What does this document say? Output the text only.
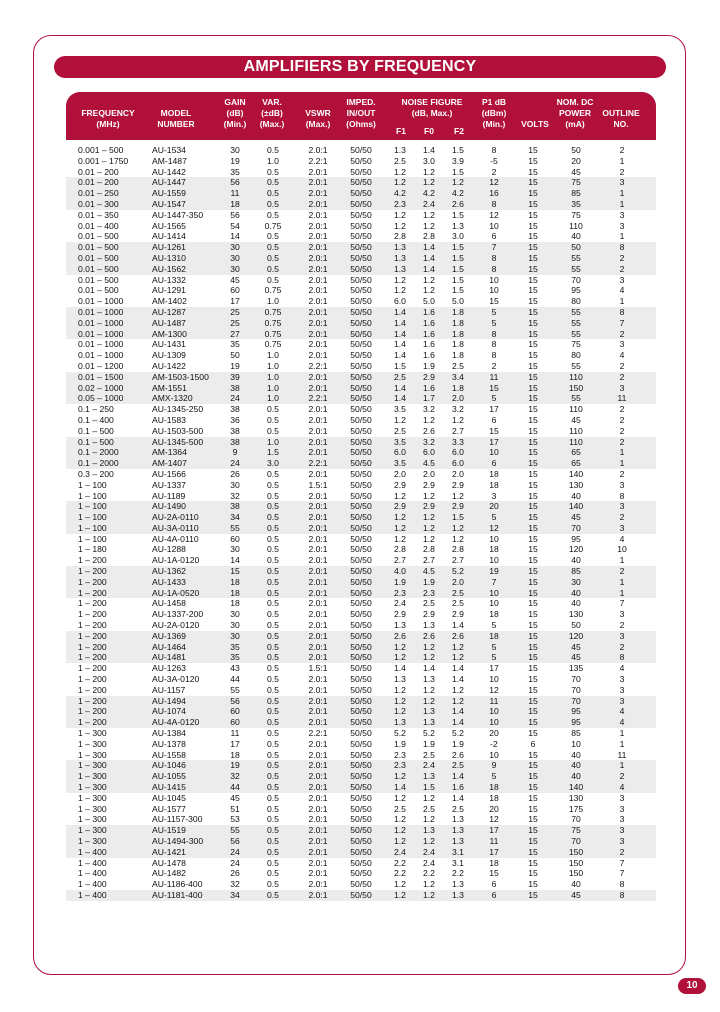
AMPLIFIERS BY FREQUENCY
FREQUENCY
(MHz)
MODEL
NUMBER
GAIN
(dB)
(Min.)
VAR.
(±dB)
(Max.)
VSWR
(Max.)
IMPED.
IN/OUT
(Ohms)
NOISE FIGURE
(dB, Max.)
F1 F0 F2
P1 dB
(dBm)
(Min.)	VOLTS
NOM. DC
POWER
(mA)
OUTLINE
NO.
0.001 – 500	AU-1534	30	0.5	2.0:1	50/50	1.3	1.4	1.5	8	15	50	2
0.001 – 1750	AM-1487	19	1.0	2.2:1	50/50	2.5	3.0	3.9	-5	15	20	1
0.01 – 200	AU-1442	35	0.5	2.0:1	50/50	1.2	1.2	1.5	2	15	45	2
0.01 – 200	AU-1447	56	0.5	2.0:1	50/50	1.2	1.2	1.2	12	15	75	3
0.01 – 250	AU-1559	11	0.5	2.0:1	50/50	4.2	4.2	4.2	16	15	85	1
0.01 – 300	AU-1547	18	0.5	2.0:1	50/50	2.3	2.4	2.6	8	15	35	1
0.01 – 350	AU-1447-350	56	0.5	2.0:1	50/50	1.2	1.2	1.5	12	15	75	3
0.01 – 400	AU-1565	54	0.75	2.0:1	50/50	1.2	1.2	1.3	10	15	110	3
0.01 – 500	AU-1414	14	0.5	2.0:1	50/50	2.8	2.8	3.0	6	15	40	1
0.01 – 500	AU-1261	30	0.5	2.0:1	50/50	1.3	1.4	1.5	7	15	50	8
0.01 – 500	AU-1310	30	0.5	2.0:1	50/50	1.3	1.4	1.5	8	15	55	2
0.01 – 500	AU-1562	30	0.5	2.0:1	50/50	1.3	1.4	1.5	8	15	55	2
0.01 – 500	AU-1332	45	0.5	2.0:1	50/50	1.2	1.2	1.5	10	15	70	3
0.01 – 500	AU-1291	60	0.75	2.0:1	50/50	1.2	1.2	1.5	10	15	95	4
0.01 – 1000	AM-1402	17	1.0	2.0:1	50/50	6.0	5.0	5.0	15	15	80	1
0.01 – 1000	AU-1287	25	0.75	2.0:1	50/50	1.4	1.6	1.8	5	15	55	8
0.01 – 1000	AU-1487	25	0.75	2.0:1	50/50	1.4	1.6	1.8	5	15	55	7
0.01 – 1000	AM-1300	27	0.75	2.0:1	50/50	1.4	1.6	1.8	8	15	55	2
0.01 – 1000	AU-1431	35	0.75	2.0:1	50/50	1.4	1.6	1.8	8	15	75	3
0.01 – 1000	AU-1309	50	1.0	2.0:1	50/50	1.4	1.6	1.8	8	15	80	4
0.01 – 1200	AU-1422	19	1.0	2.2:1	50/50	1.5	1.9	2.5	2	15	55	2
0.01 – 1500	AM-1503-1500	39	1.0	2.0:1	50/50	2.5	2.9	3.4	11	15	110	2
0.02 – 1000	AM-1551	38	1.0	2.0:1	50/50	1.4	1.6	1.8	15	15	150	3
0.05 – 1000	AMX-1320	24	1.0	2.2:1	50/50	1.4	1.7	2.0	5	15	55	11
0.1 – 250	AU-1345-250	38	0.5	2.0:1	50/50	3.5	3.2	3.2	17	15	110	2
0.1 – 400	AU-1583	36	0.5	2.0:1	50/50	1.2	1.2	1.2	6	15	45	2
0.1 – 500	AU-1503-500	38	0.5	2.0:1	50/50	2.5	2.6	2.7	15	15	110	2
0.1 – 500	AU-1345-500	38	1.0	2.0:1	50/50	3.5	3.2	3.3	17	15	110	2
0.1 – 2000	AM-1364	9	1.5	2.0:1	50/50	6.0	6.0	6.0	10	15	65	1
0.1 – 2000	AM-1407	24	3.0	2.2:1	50/50	3.5	4.5	6.0	6	15	65	1
0.3 – 200	AU-1566	26	0.5	2.0:1	50/50	2.0	2.0	2.0	18	15	140	2
1 – 100	AU-1337	30	0.5	1.5:1	50/50	2.9	2.9	2.9	18	15	130	3
1 – 100	AU-1189	32	0.5	2.0:1	50/50	1.2	1.2	1.2	3	15	40	8
1 – 100	AU-1490	38	0.5	2.0:1	50/50	2.9	2.9	2.9	20	15	140	3
1 – 100	AU-2A-0110	34	0.5	2.0:1	50/50	1.2	1.2	1.5	5	15	45	2
1 – 100	AU-3A-0110	55	0.5	2.0:1	50/50	1.2	1.2	1.2	12	15	70	3
1 – 100	AU-4A-0110	60	0.5	2.0:1	50/50	1.2	1.2	1.2	10	15	95	4
1 – 180	AU-1288	30	0.5	2.0:1	50/50	2.8	2.8	2.8	18	15	120	10
1 – 200	AU-1A-0120	14	0.5	2.0:1	50/50	2.7	2.7	2.7	10	15	40	1
1 – 200	AU-1362	15	0.5	2.0:1	50/50	4.0	4.5	5.2	19	15	85	2
1 – 200	AU-1433	18	0.5	2.0:1	50/50	1.9	1.9	2.0	7	15	30	1
1 – 200	AU-1A-0520	18	0.5	2.0:1	50/50	2.3	2.3	2.5	10	15	40	1
1 – 200	AU-1458	18	0.5	2.0:1	50/50	2.4	2.5	2.5	10	15	40	7
1 – 200	AU-1337-200	30	0.5	2.0:1	50/50	2.9	2.9	2.9	18	15	130	3
1 – 200	AU-2A-0120	30	0.5	2.0:1	50/50	1.3	1.3	1.4	5	15	50	2
1 – 200	AU-1369	30	0.5	2.0:1	50/50	2.6	2.6	2.6	18	15	120	3
1 – 200	AU-1464	35	0.5	2.0:1	50/50	1.2	1.2	1.2	5	15	45	2
1 – 200	AU-1481	35	0.5	2.0:1	50/50	1.2	1.2	1.2	5	15	45	8
1 – 200	AU-1263	43	0.5	1.5:1	50/50	1.4	1.4	1.4	17	15	135	4
1 – 200	AU-3A-0120	44	0.5	2.0:1	50/50	1.3	1.3	1.4	10	15	70	3
1 – 200	AU-1157	55	0.5	2.0:1	50/50	1.2	1.2	1.2	12	15	70	3
1 – 200	AU-1494	56	0.5	2.0:1	50/50	1.2	1.2	1.2	11	15	70	3
1 – 200	AU-1074	60	0.5	2.0:1	50/50	1.2	1.3	1.4	10	15	95	4
1 – 200	AU-4A-0120	60	0.5	2.0:1	50/50	1.3	1.3	1.4	10	15	95	4
1 – 300	AU-1384	11	0.5	2.2:1	50/50	5.2	5.2	5.2	20	15	85	1
1 – 300	AU-1378	17	0.5	2.0:1	50/50	1.9	1.9	1.9	-2	6	10	1
1 – 300	AU-1558	18	0.5	2.0:1	50/50	2.3	2.5	2.6	10	15	40	11
1 – 300	AU-1046	19	0.5	2.0:1	50/50	2.3	2.4	2.5	9	15	40	1
1 – 300	AU-1055	32	0.5	2.0:1	50/50	1.2	1.3	1.4	5	15	40	2
1 – 300	AU-1415	44	0.5	2.0:1	50/50	1.4	1.5	1.6	18	15	140	4
1 – 300	AU-1045	45	0.5	2.0:1	50/50	1.2	1.2	1.4	18	15	130	3
1 – 300	AU-1577	51	0.5	2.0:1	50/50	2.5	2.5	2.5	20	15	175	3
1 – 300	AU-1157-300	53	0.5	2.0:1	50/50	1.2	1.2	1.3	12	15	70	3
1 – 300	AU-1519	55	0.5	2.0:1	50/50	1.2	1.3	1.3	17	15	75	3
1 – 300	AU-1494-300	56	0.5	2.0:1	50/50	1.2	1.2	1.3	11	15	70	3
1 – 400	AU-1421	24	0.5	2.0:1	50/50	2.4	2.4	3.1	17	15	150	2
1 – 400	AU-1478	24	0.5	2.0:1	50/50	2.2	2.4	3.1	18	15	150	7
1 – 400	AU-1482	26	0.5	2.0:1	50/50	2.2	2.2	2.2	15	15	150	7
1 – 400	AU-1186-400	32	0.5	2.0:1	50/50	1.2	1.2	1.3	6	15	40	8
1 – 400	AU-1181-400	34	0.5	2.0:1	50/50	1.2	1.2	1.3	6	15	45	8
10
